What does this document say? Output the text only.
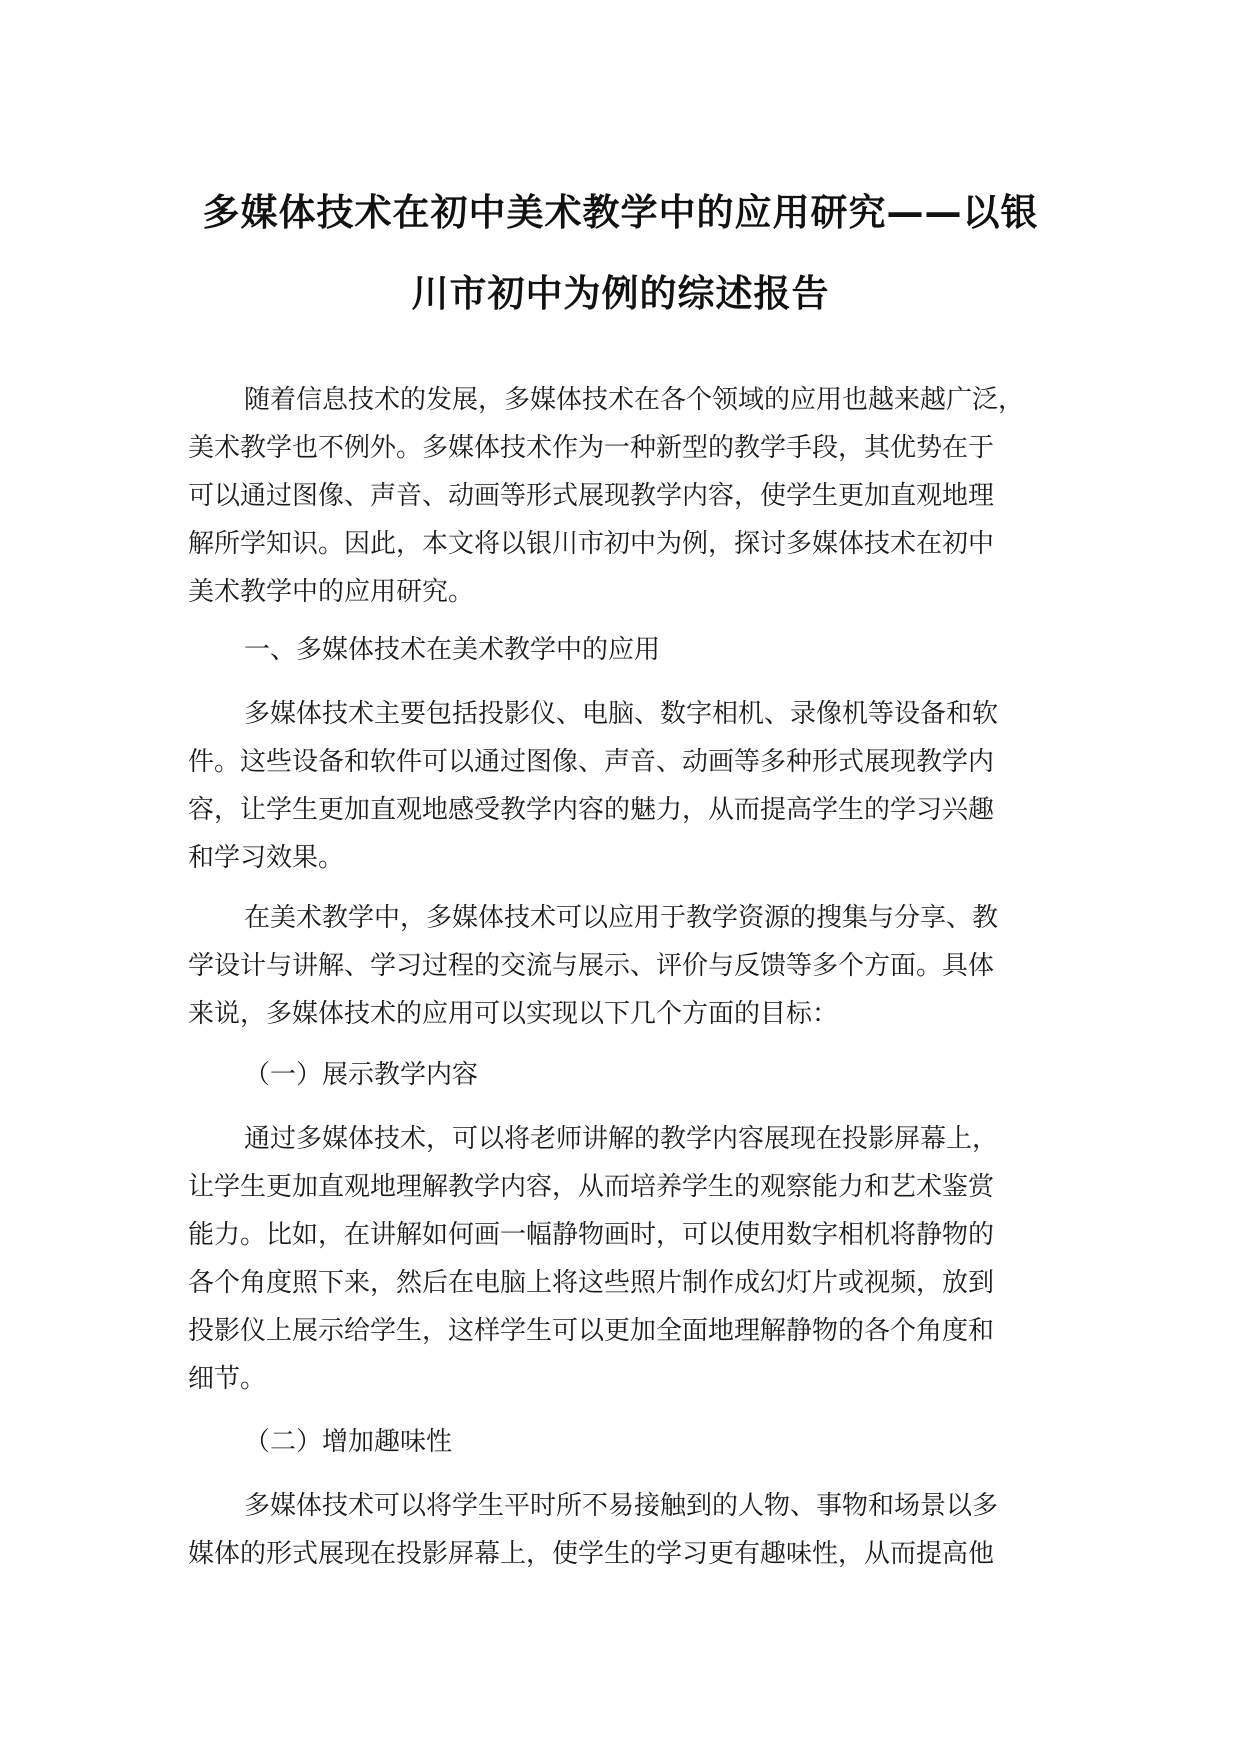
多媒体技术在初中美术教学中的应用研究——以银
川市初中为例的综述报告
随着信息技术的发展，多媒体技术在各个领域的应用也越来越广泛，
美术教学也不例外。多媒体技术作为一种新型的教学手段，其优势在于
可以通过图像、声音、动画等形式展现教学内容，使学生更加直观地理
解所学知识。因此，本文将以银川市初中为例，探讨多媒体技术在初中
美术教学中的应用研究。
一、多媒体技术在美术教学中的应用
多媒体技术主要包括投影仪、电脑、数字相机、录像机等设备和软
件。这些设备和软件可以通过图像、声音、动画等多种形式展现教学内
容，让学生更加直观地感受教学内容的魅力，从而提高学生的学习兴趣
和学习效果。
在美术教学中，多媒体技术可以应用于教学资源的搜集与分享、教
学设计与讲解、学习过程的交流与展示、评价与反馈等多个方面。具体
来说，多媒体技术的应用可以实现以下几个方面的目标：
（一）展示教学内容
通过多媒体技术，可以将老师讲解的教学内容展现在投影屏幕上，
让学生更加直观地理解教学内容，从而培养学生的观察能力和艺术鉴赏
能力。比如，在讲解如何画一幅静物画时，可以使用数字相机将静物的
各个角度照下来，然后在电脑上将这些照片制作成幻灯片或视频，放到
投影仪上展示给学生，这样学生可以更加全面地理解静物的各个角度和
细节。
（二）增加趣味性
多媒体技术可以将学生平时所不易接触到的人物、事物和场景以多
媒体的形式展现在投影屏幕上，使学生的学习更有趣味性，从而提高他
